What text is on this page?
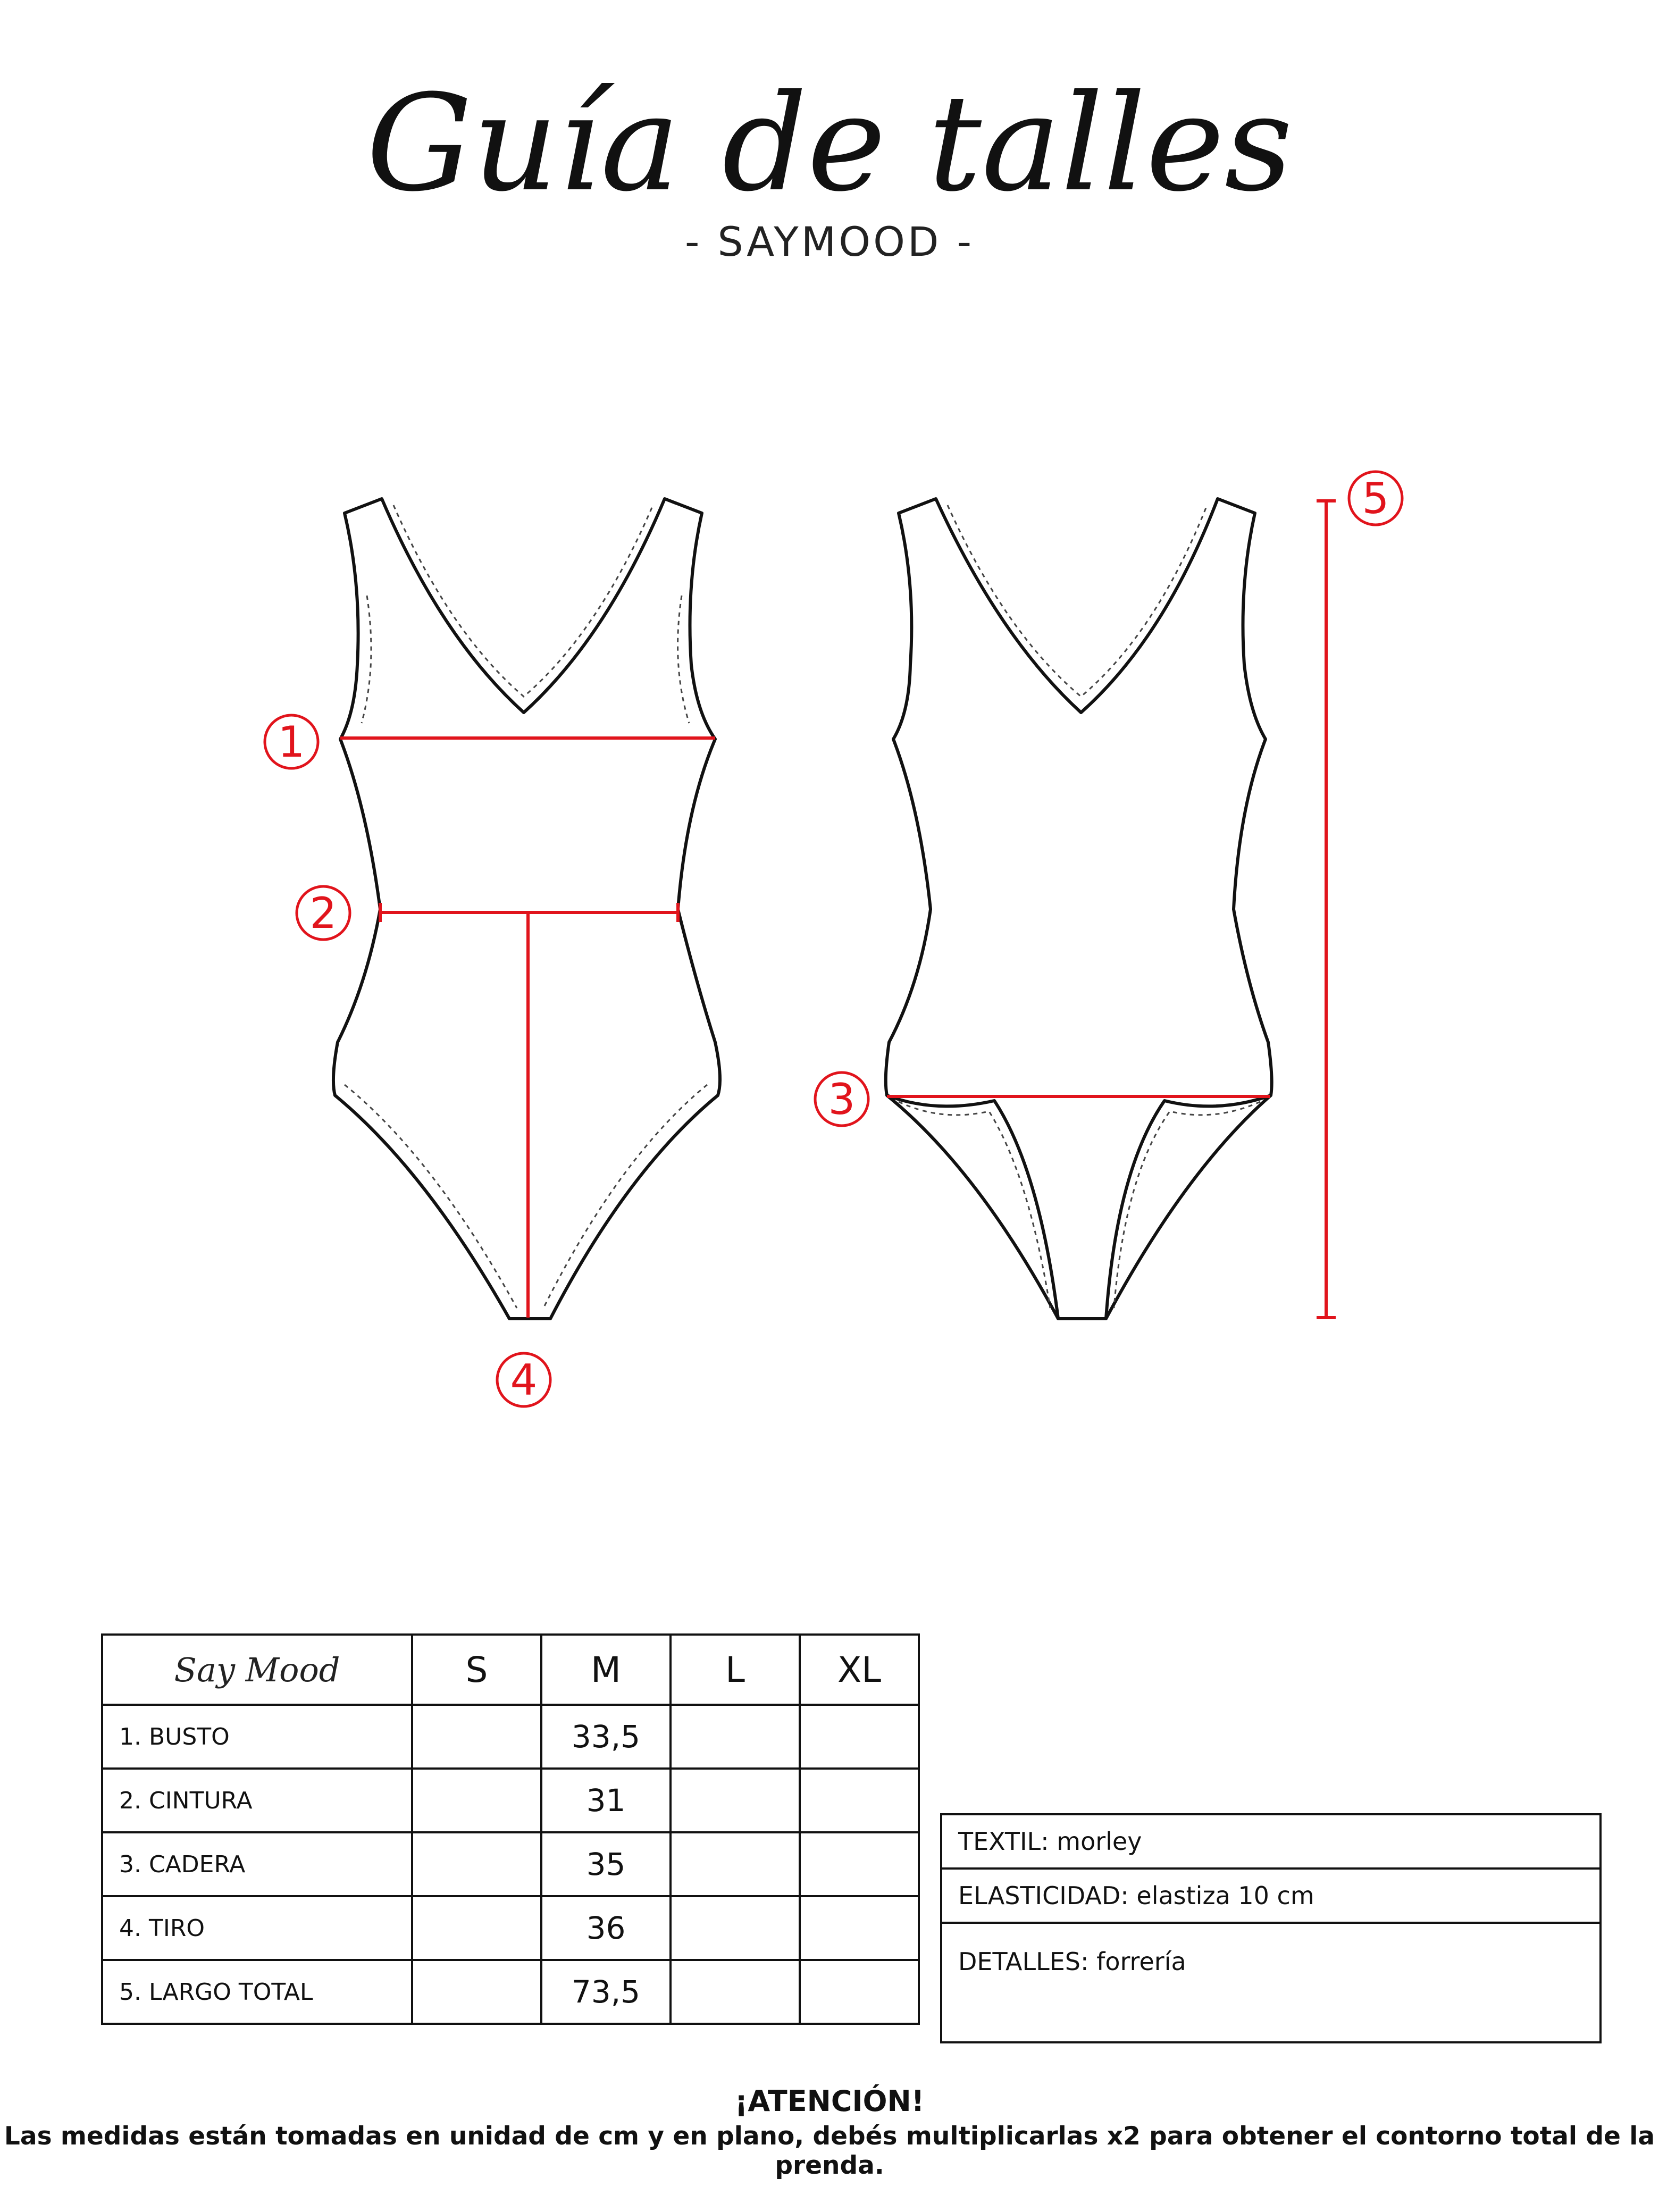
Guía de talles
- SAYMOOD -
1
2
3
4
5
Say Mood	S	M	L	XL
1. BUSTO		33,5		
2. CINTURA		31		
3. CADERA		35		
4. TIRO		36		
5. LARGO TOTAL		73,5		
TEXTIL: morley
ELASTICIDAD: elastiza 10 cm
DETALLES: forrería
¡ATENCIÓN!
Las medidas están tomadas en unidad de cm y en plano, debés multiplicarlas x2 para obtener el contorno total de la prenda.
